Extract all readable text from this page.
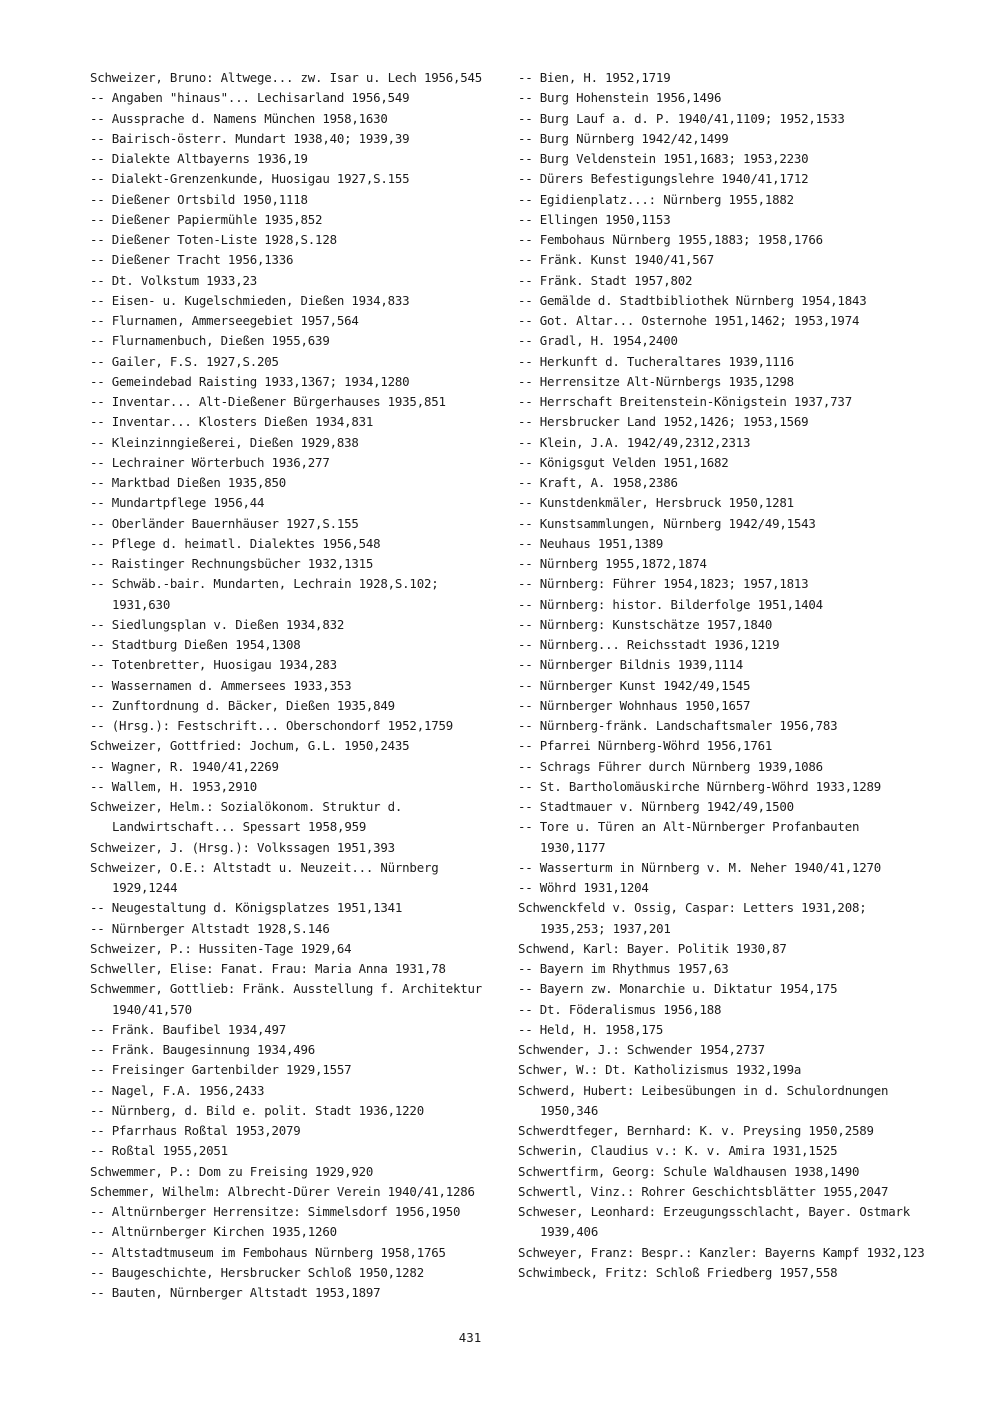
Schweizer, Bruno: Altwege... zw. Isar u. Lech 1956,545
-- Angaben "hinaus"... Lechisarland 1956,549
-- Aussprache d. Namens München 1958,1630
-- Bairisch-österr. Mundart 1938,40; 1939,39
-- Dialekte Altbayerns 1936,19
-- Dialekt-Grenzenkunde, Huosigau 1927,S.155
-- Dießener Ortsbild 1950,1118
-- Dießener Papiermühle 1935,852
-- Dießener Toten-Liste 1928,S.128
-- Dießener Tracht 1956,1336
-- Dt. Volkstum 1933,23
-- Eisen- u. Kugelschmieden, Dießen 1934,833
-- Flurnamen, Ammerseegebiet 1957,564
-- Flurnamenbuch, Dießen 1955,639
-- Gailer, F.S. 1927,S.205
-- Gemeindebad Raisting 1933,1367; 1934,1280
-- Inventar... Alt-Dießener Bürgerhauses 1935,851
-- Inventar... Klosters Dießen 1934,831
-- Kleinzinngießerei, Dießen 1929,838
-- Lechrainer Wörterbuch 1936,277
-- Marktbad Dießen 1935,850
-- Mundartpflege 1956,44
-- Oberländer Bauernhäuser 1927,S.155
-- Pflege d. heimatl. Dialektes 1956,548
-- Raistinger Rechnungsbücher 1932,1315
-- Schwäb.-bair. Mundarten, Lechrain 1928,S.102; 1931,630
-- Siedlungsplan v. Dießen 1934,832
-- Stadtburg Dießen 1954,1308
-- Totenbretter, Huosigau 1934,283
-- Wassernamen d. Ammersees 1933,353
-- Zunftordnung d. Bäcker, Dießen 1935,849
-- (Hrsg.): Festschrift... Oberschondorf 1952,1759
Schweizer, Gottfried: Jochum, G.L. 1950,2435
-- Wagner, R. 1940/41,2269
-- Wallem, H. 1953,2910
Schweizer, Helm.: Sozialökonom. Struktur d. Landwirtschaft... Spessart 1958,959
Schweizer, J. (Hrsg.): Volkssagen 1951,393
Schweizer, O.E.: Altstadt u. Neuzeit... Nürnberg 1929,1244
-- Neugestaltung d. Königsplatzes 1951,1341
-- Nürnberger Altstadt 1928,S.146
Schweizer, P.: Hussiten-Tage 1929,64
Schweller, Elise: Fanat. Frau: Maria Anna 1931,78
Schwemmer, Gottlieb: Fränk. Ausstellung f. Architektur 1940/41,570
-- Fränk. Baufibel 1934,497
-- Fränk. Baugesinnung 1934,496
-- Freisinger Gartenbilder 1929,1557
-- Nagel, F.A. 1956,2433
-- Nürnberg, d. Bild e. polit. Stadt 1936,1220
-- Pfarrhaus Roßtal 1953,2079
-- Roßtal 1955,2051
Schwemmer, P.: Dom zu Freising 1929,920
Schemmer, Wilhelm: Albrecht-Dürer Verein 1940/41,1286
-- Altnürnberger Herrensitze: Simmelsdorf 1956,1950
-- Altnürnberger Kirchen 1935,1260
-- Altstadtmuseum im Fembohaus Nürnberg 1958,1765
-- Baugeschichte, Hersbrucker Schloß 1950,1282
-- Bauten, Nürnberger Altstadt 1953,1897
-- Bien, H. 1952,1719
-- Burg Hohenstein 1956,1496
-- Burg Lauf a. d. P. 1940/41,1109; 1952,1533
-- Burg Nürnberg 1942/42,1499
-- Burg Veldenstein 1951,1683; 1953,2230
-- Dürers Befestigungslehre 1940/41,1712
-- Egidienplatz...: Nürnberg 1955,1882
-- Ellingen 1950,1153
-- Fembohaus Nürnberg 1955,1883; 1958,1766
-- Fränk. Kunst 1940/41,567
-- Fränk. Stadt 1957,802
-- Gemälde d. Stadtbibliothek Nürnberg 1954,1843
-- Got. Altar... Osternohe 1951,1462; 1953,1974
-- Gradl, H. 1954,2400
-- Herkunft d. Tucheraltares 1939,1116
-- Herrensitze Alt-Nürnbergs 1935,1298
-- Herrschaft Breitenstein-Königstein 1937,737
-- Hersbrucker Land 1952,1426; 1953,1569
-- Klein, J.A. 1942/49,2312,2313
-- Königsgut Velden 1951,1682
-- Kraft, A. 1958,2386
-- Kunstdenkmäler, Hersbruck 1950,1281
-- Kunstsammlungen, Nürnberg 1942/49,1543
-- Neuhaus 1951,1389
-- Nürnberg 1955,1872,1874
-- Nürnberg: Führer 1954,1823; 1957,1813
-- Nürnberg: histor. Bilderfolge 1951,1404
-- Nürnberg: Kunstschätze 1957,1840
-- Nürnberg... Reichsstadt 1936,1219
-- Nürnberger Bildnis 1939,1114
-- Nürnberger Kunst 1942/49,1545
-- Nürnberger Wohnhaus 1950,1657
-- Nürnberg-fränk. Landschaftsmaler 1956,783
-- Pfarrei Nürnberg-Wöhrd 1956,1761
-- Schrags Führer durch Nürnberg 1939,1086
-- St. Bartholomäuskirche Nürnberg-Wöhrd 1933,1289
-- Stadtmauer v. Nürnberg 1942/49,1500
-- Tore u. Türen an Alt-Nürnberger Profanbauten 1930,1177
-- Wasserturm in Nürnberg v. M. Neher 1940/41,1270
-- Wöhrd 1931,1204
Schwenckfeld v. Ossig, Caspar: Letters 1931,208; 1935,253; 1937,201
Schwend, Karl: Bayer. Politik 1930,87
-- Bayern im Rhythmus 1957,63
-- Bayern zw. Monarchie u. Diktatur 1954,175
-- Dt. Föderalismus 1956,188
-- Held, H. 1958,175
Schwender, J.: Schwender 1954,2737
Schwer, W.: Dt. Katholizismus 1932,199a
Schwerd, Hubert: Leibesübungen in d. Schulordnungen 1950,346
Schwerdtfeger, Bernhard: K. v. Preysing 1950,2589
Schwerin, Claudius v.: K. v. Amira 1931,1525
Schwertfirm, Georg: Schule Waldhausen 1938,1490
Schwertl, Vinz.: Rohrer Geschichtsblätter 1955,2047
Schweser, Leonhard: Erzeugungsschlacht, Bayer. Ostmark 1939,406
Schweyer, Franz: Bespr.: Kanzler: Bayerns Kampf 1932,123
Schwimbeck, Fritz: Schloß Friedberg 1957,558
431
